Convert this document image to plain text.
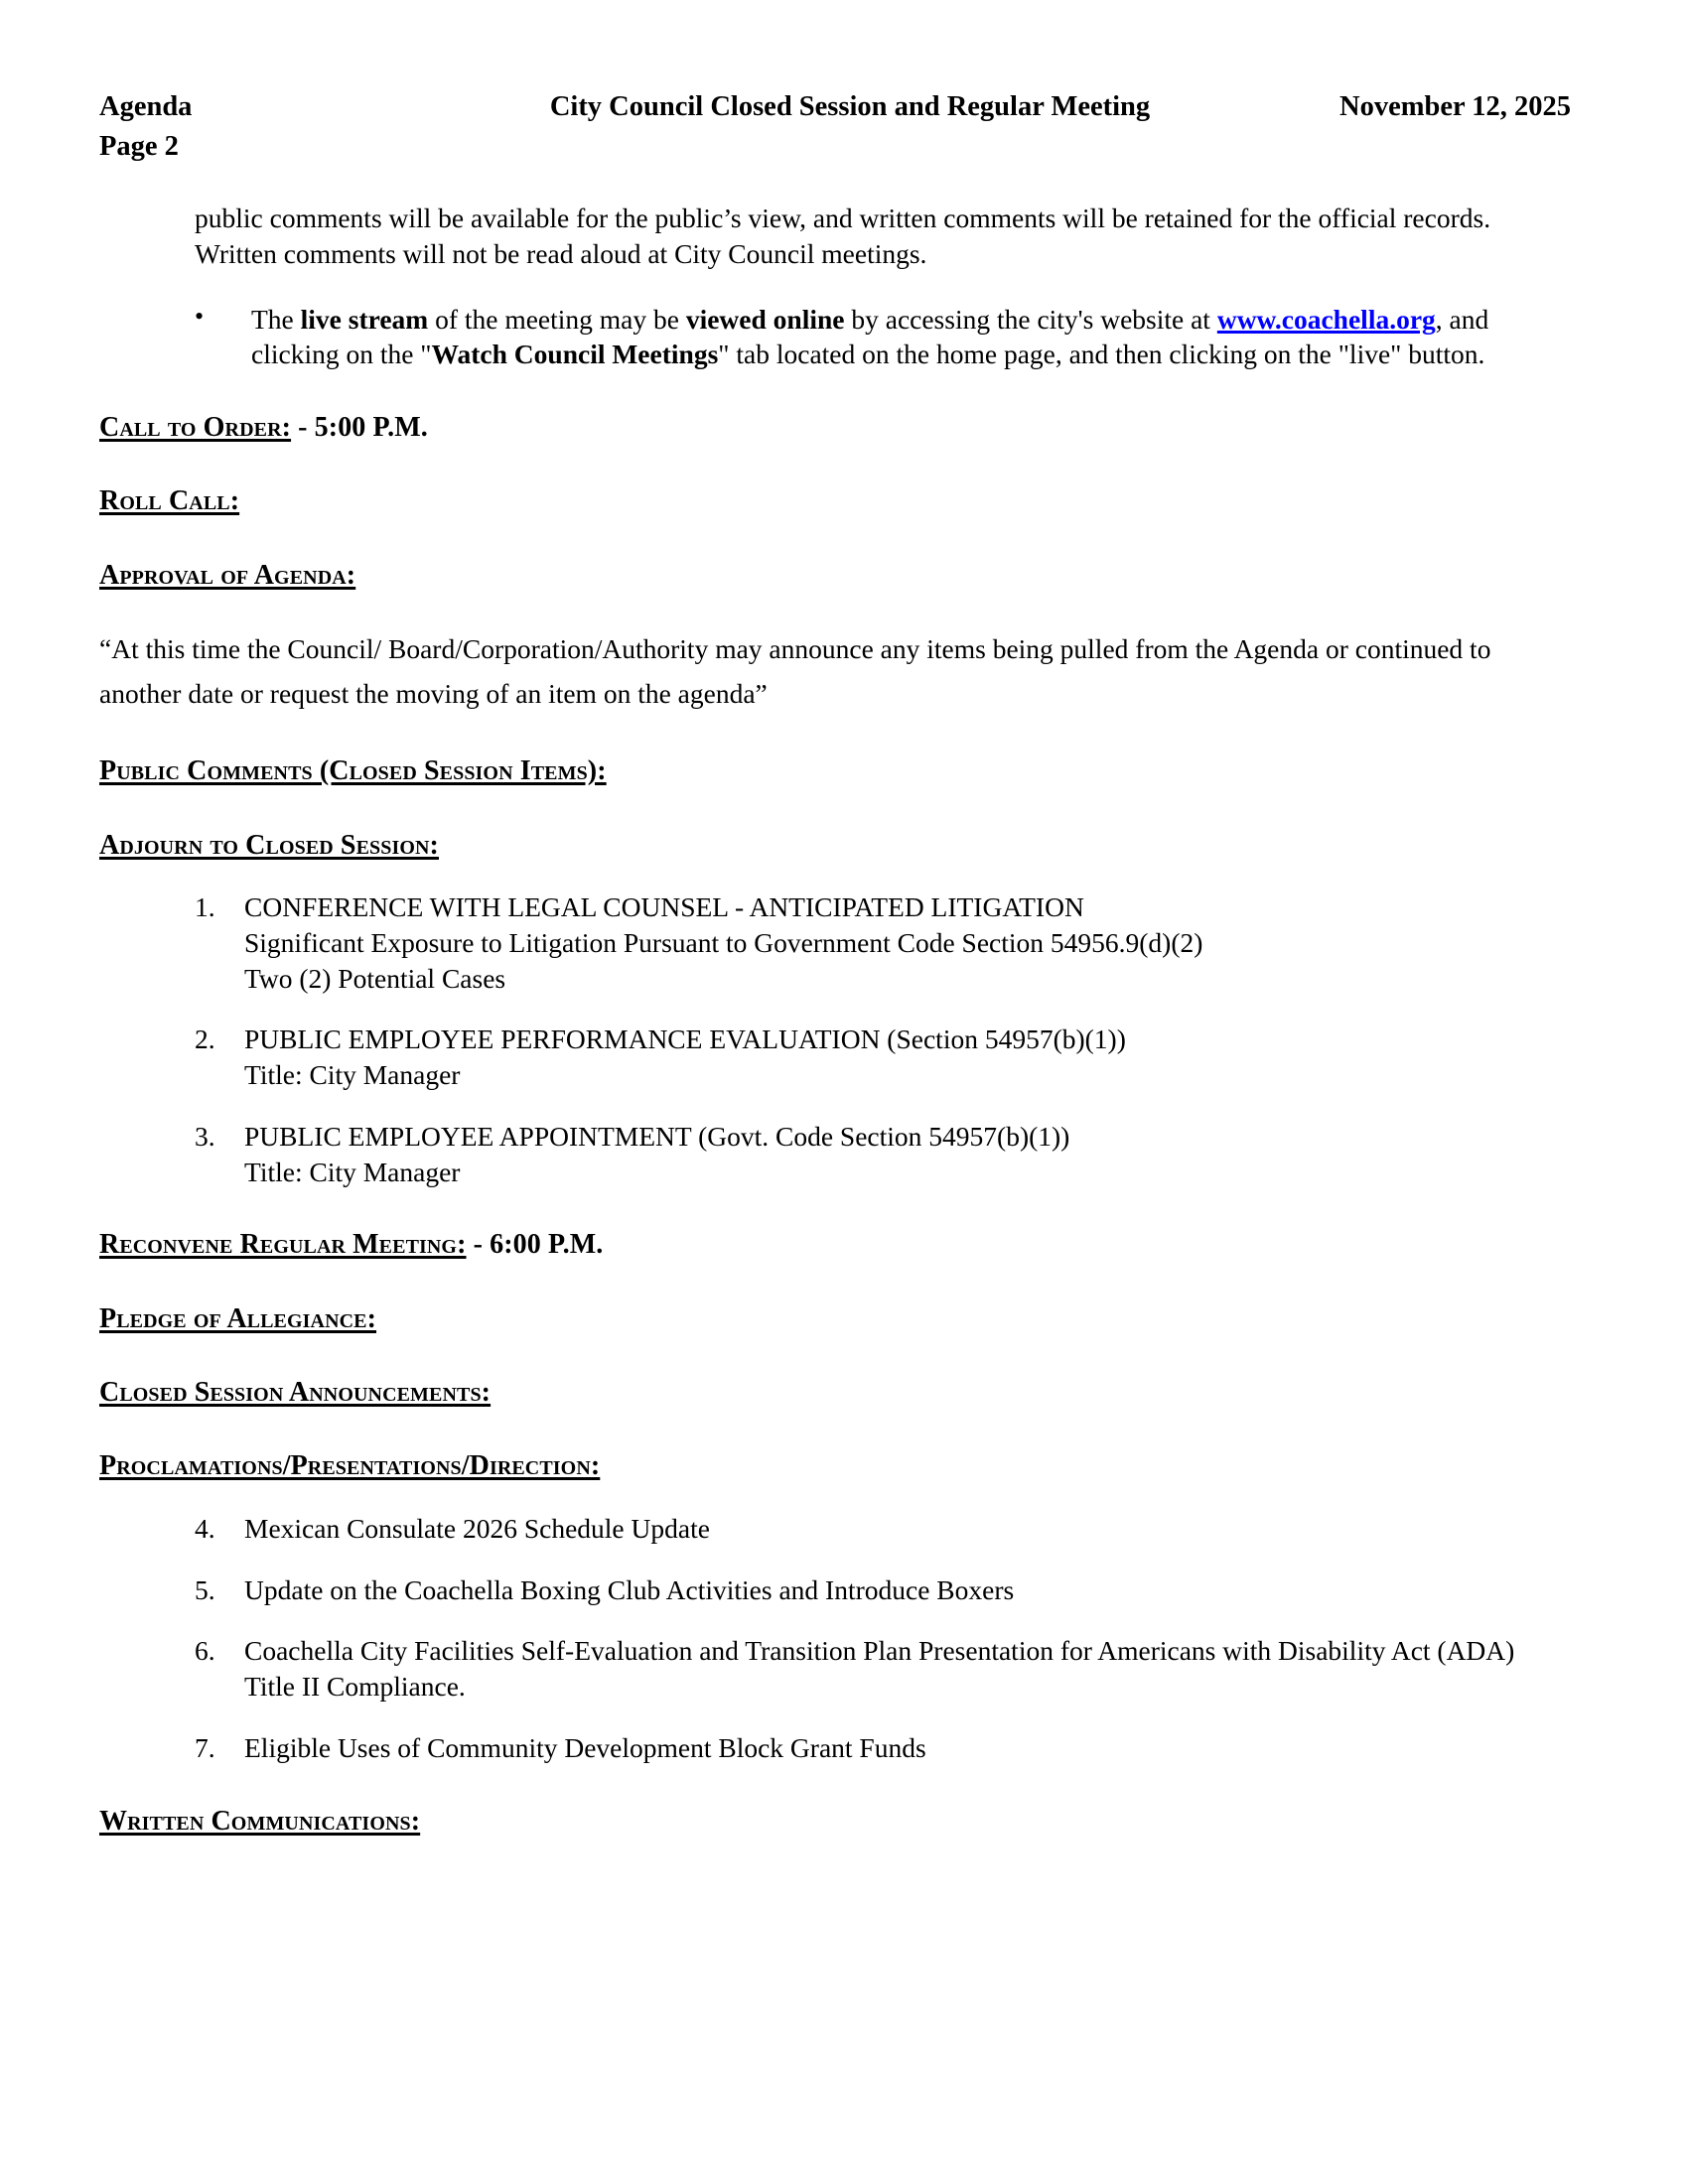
Agenda
Page 2
City Council Closed Session and Regular Meeting	November 12, 2025

public comments will be available for the public’s view, and written comments will be retained for the official records. Written comments will not be read aloud at City Council meetings.

• The live stream of the meeting may be viewed online by accessing the city's website at www.coachella.org, and clicking on the "Watch Council Meetings" tab located on the home page, and then clicking on the "live" button.
Call to Order: - 5:00 P.M.
Roll Call:
Approval of Agenda:

“At this time the Council/ Board/Corporation/Authority may announce any items being pulled from the Agenda or continued to another date or request the moving of an item on the agenda”

Public Comments (Closed Session Items):
Adjourn to Closed Session:
1.	CONFERENCE WITH LEGAL COUNSEL - ANTICIPATED LITIGATION
Significant Exposure to Litigation Pursuant to Government Code Section 54956.9(d)(2)
Two (2) Potential Cases
2.	PUBLIC EMPLOYEE PERFORMANCE EVALUATION (Section 54957(b)(1))
Title: City Manager
3.	PUBLIC EMPLOYEE APPOINTMENT (Govt. Code Section 54957(b)(1))
Title: City Manager
Reconvene Regular Meeting: - 6:00 P.M.
Pledge of Allegiance:
Closed Session Announcements:
Proclamations/Presentations/Direction:
4.	Mexican Consulate 2026 Schedule Update
5.	Update on the Coachella Boxing Club Activities and Introduce Boxers
6.	Coachella City Facilities Self-Evaluation and Transition Plan Presentation for Americans with Disability Act (ADA) Title II Compliance.
7.	Eligible Uses of Community Development Block Grant Funds
Written Communications:
